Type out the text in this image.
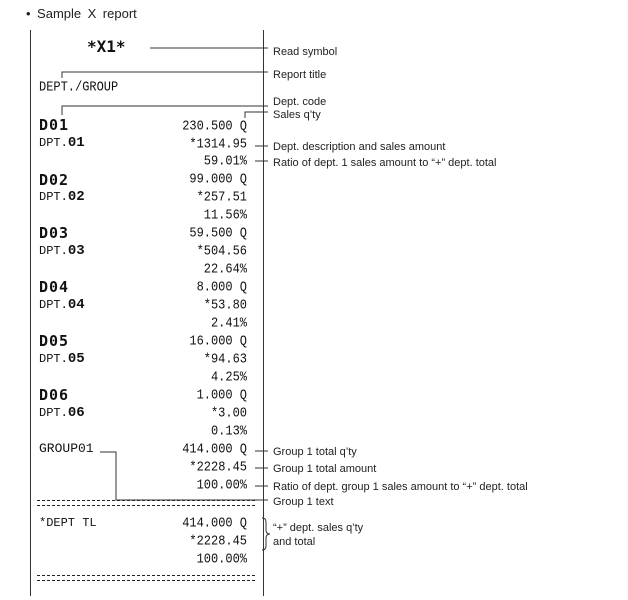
• Sample X report
*X1*
DEPT./GROUP
D01
DPT.01
230.500 Q
*1314.95
59.01%
D02
DPT.02
99.000 Q
*257.51
11.56%
D03
DPT.03
59.500 Q
*504.56
22.64%
D04
DPT.04
8.000 Q
*53.80
2.41%
D05
DPT.05
16.000 Q
*94.63
4.25%
D06
DPT.06
1.000 Q
*3.00
0.13%
GROUP01	414.000 Q
*2228.45
100.00%
*DEPT TL	414.000 Q
*2228.45
100.00%
Read symbol
Report title
Dept. code
Sales q’ty
Dept. description and sales amount
Ratio of dept. 1 sales amount to “+” dept. total
Group 1 total q’ty
Group 1 total amount
Ratio of dept. group 1 sales amount to “+” dept. total
Group 1 text
“+” dept. sales q’ty
and total
